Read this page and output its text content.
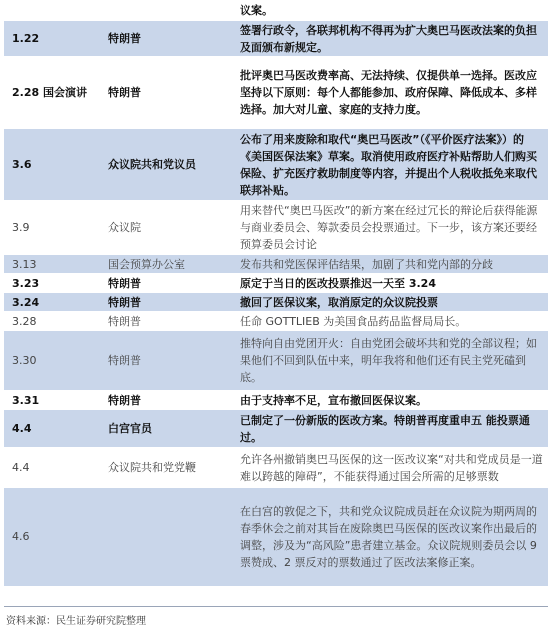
		议案。
1.22	特朗普	签署行政令，各联邦机构不得再为扩大奥巴马医改法案的负担及面颁布新规定。
2.28 国会演讲	特朗普	批评奥巴马医改费率高、无法持续、仅提供单一选择。医改应坚持以下原则：每个人都能参加、政府保障、降低成本、多样选择。加大对儿童、家庭的支持力度。
3.6	众议院共和党议员	公布了用来废除和取代“奥巴马医改”（《平价医疗法案》）的《美国医保法案》草案。取消使用政府医疗补贴帮助人们购买保险、扩充医疗救助制度等内容，并提出个人税收抵免来取代联邦补贴。
3.9	众议院	用来替代“奥巴马医改”的新方案在经过冗长的辩论后获得能源与商业委员会、筹款委员会投票通过。下一步，该方案还要经预算委员会讨论
3.13	国会预算办公室	发布共和党医保评估结果，加剧了共和党内部的分歧
3.23	特朗普	原定于当日的医改投票推迟一天至 3.24
3.24	特朗普	撤回了医保议案，取消原定的众议院投票
3.28	特朗普	任命 GOTTLIEB 为美国食品药品监督局局长。
3.30	特朗普	推特向自由党团开火：自由党团会破坏共和党的全部议程；如果他们不回到队伍中来，明年我将和他们还有民主党死磕到底。
3.31	特朗普	由于支持率不足，宣布撤回医保议案。
4.4	白宫官员	已制定了一份新版的医改方案。特朗普再度重申五 能投票通过。
4.4	众议院共和党党鞭	允许各州撤销奥巴马医保的这一医改议案“对共和党成员是一道难以跨越的障碍”，不能获得通过国会所需的足够票数
4.6		在白宫的敦促之下，共和党众议院成员赶在众议院为期两周的春季休会之前对其旨在废除奥巴马医保的医改议案作出最后的调整，涉及为“高风险”患者建立基金。众议院规则委员会以 9 票赞成、2 票反对的票数通过了医改法案修正案。
资料来源：民生证券研究院整理
